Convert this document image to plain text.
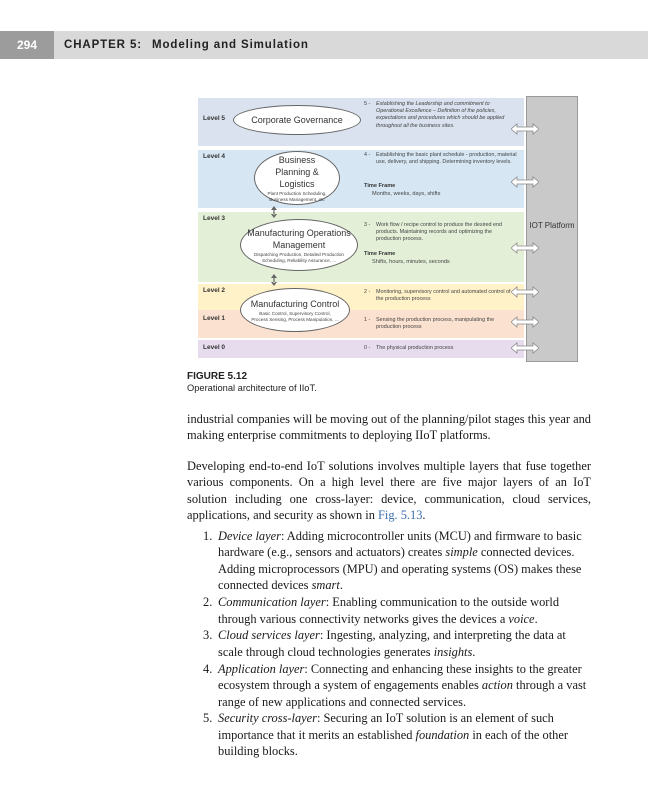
294	CHAPTER 5: Modeling and Simulation
Level 5
Level 4
Level 3
Level 2
Level 1
Level 0
Corporate Governance
Business Planning & Logistics
Plant Production Scheduling, Business Management, etc
Manufacturing Operations Management
Dispatching Production, Detailed Production Scheduling, Reliability Assurance, ...
Manufacturing Control
Basic Control, Supervisory Control, Process Sensing, Process Manipulation, ...
5 - Establishing the Leadership and commitment to Operational Excellence – Definition of the policies, expectations and procedures which should be applied throughout all the business sites.
4 - Establishing the basic plant schedule - production, material use, delivery, and shipping. Determining inventory levels.
Time Frame
Months, weeks, days, shifts
3 - Work flow / recipe control to produce the desired end products. Maintaining records and optimizing the production process.
Time Frame
Shifts, hours, minutes, seconds
2 - Monitoring, supervisory control and automated control of the production process
1 - Sensing the production process, manipulating the production process
0 - The physical production process
IOT Platform
FIGURE 5.12
Operational architecture of IIoT.

industrial companies will be moving out of the planning/pilot stages this year and making enterprise commitments to deploying IIoT platforms.

Developing end-to-end IoT solutions involves multiple layers that fuse together various components. On a high level there are five major layers of an IoT solution including one cross-layer: device, communication, cloud services, applications, and security as shown in Fig. 5.13.

1. Device layer: Adding microcontroller units (MCU) and firmware to basic hardware (e.g., sensors and actuators) creates simple connected devices. Adding microprocessors (MPU) and operating systems (OS) makes these connected devices smart.
2. Communication layer: Enabling communication to the outside world through various connectivity networks gives the devices a voice.
3. Cloud services layer: Ingesting, analyzing, and interpreting the data at scale through cloud technologies generates insights.
4. Application layer: Connecting and enhancing these insights to the greater ecosystem through a system of engagements enables action through a vast range of new applications and connected services.
5. Security cross-layer: Securing an IoT solution is an element of such importance that it merits an established foundation in each of the other building blocks.
